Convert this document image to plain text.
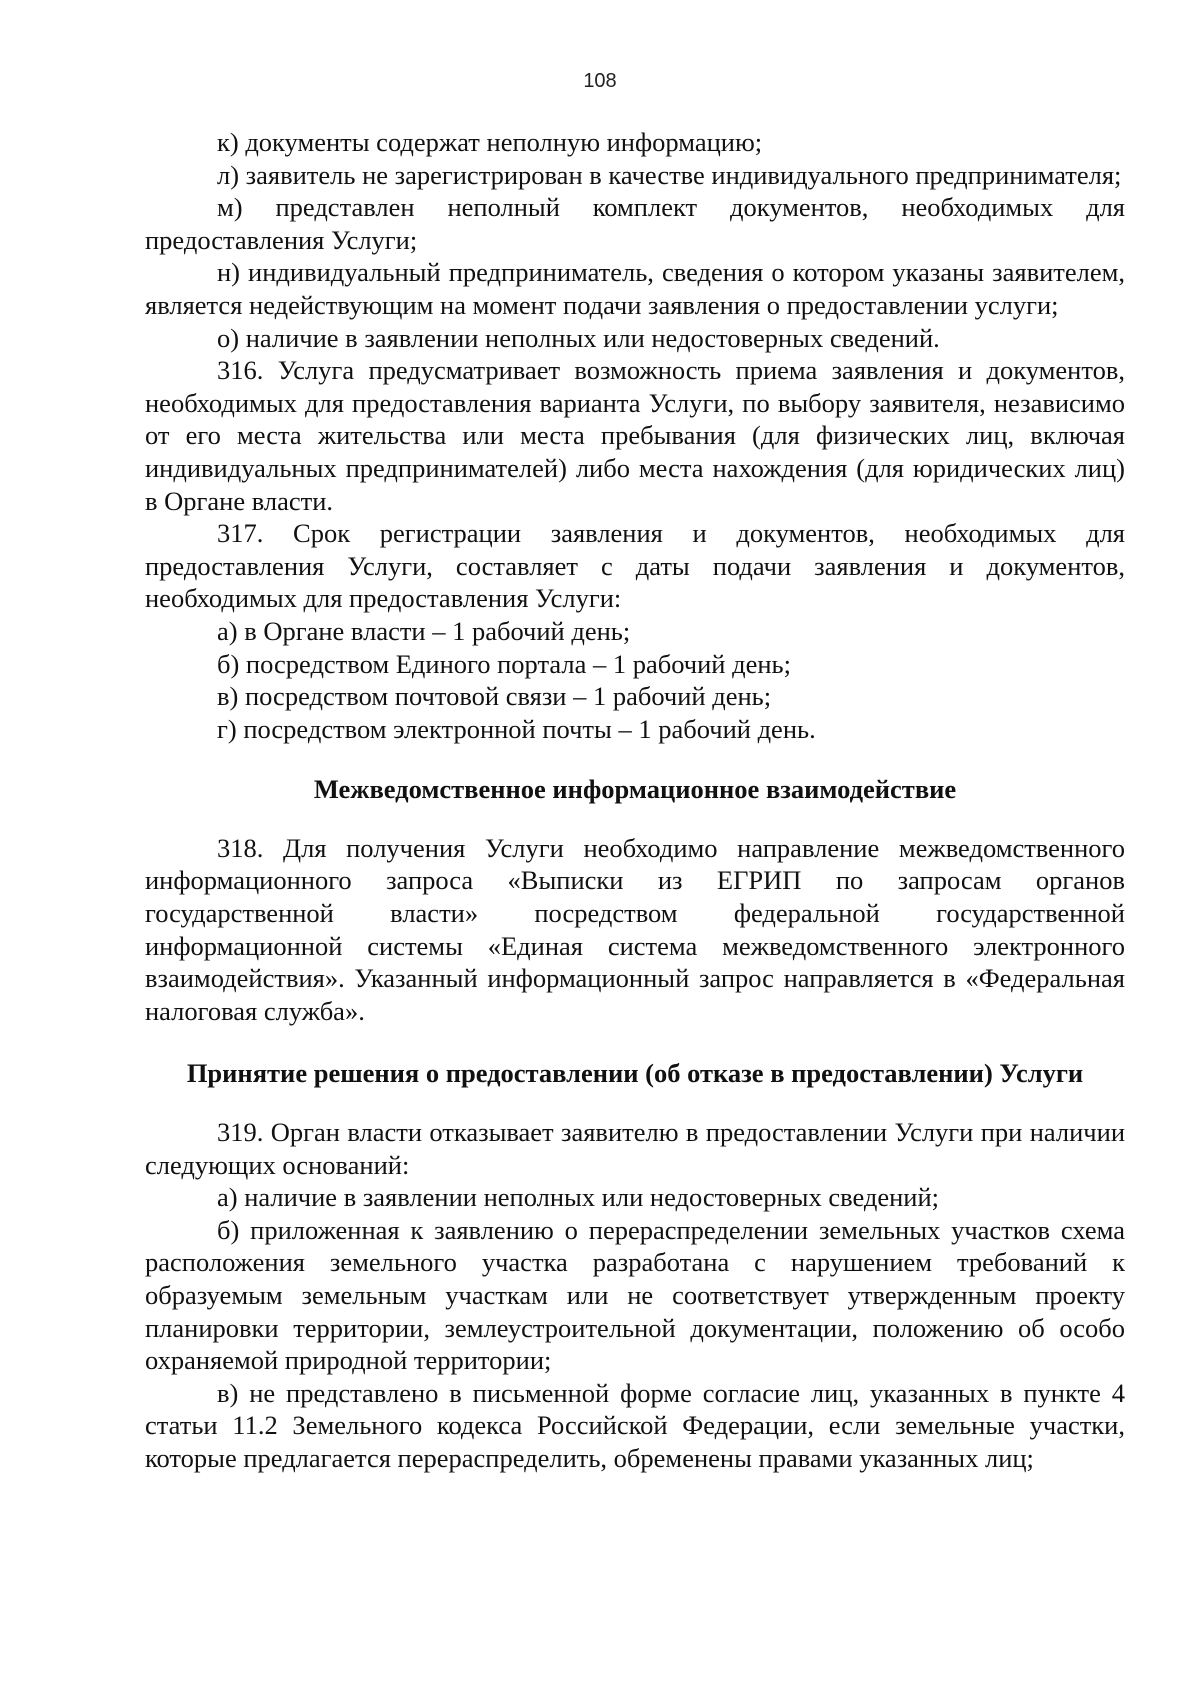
108

к) документы содержат неполную информацию;

л) заявитель не зарегистрирован в качестве индивидуального предпринимателя;

м) представлен неполный комплект документов, необходимых для предоставления Услуги;

н) индивидуальный предприниматель, сведения о котором указаны заявителем, является недействующим на момент подачи заявления о предоставлении услуги;

о) наличие в заявлении неполных или недостоверных сведений.

316. Услуга предусматривает возможность приема заявления и документов, необходимых для предоставления варианта Услуги, по выбору заявителя, независимо от его места жительства или места пребывания (для физических лиц, включая индивидуальных предпринимателей) либо места нахождения (для юридических лиц) в Органе власти.

317. Срок регистрации заявления и документов, необходимых для предоставления Услуги, составляет с даты подачи заявления и документов, необходимых для предоставления Услуги:

а) в Органе власти – 1 рабочий день;

б) посредством Единого портала – 1 рабочий день;

в) посредством почтовой связи – 1 рабочий день;

г) посредством электронной почты – 1 рабочий день.

Межведомственное информационное взаимодействие

318. Для получения Услуги необходимо направление межведомственного информационного запроса «Выписки из ЕГРИП по запросам органов государственной власти» посредством федеральной государственной информационной системы «Единая система межведомственного электронного взаимодействия». Указанный информационный запрос направляется в «Федеральная налоговая служба».

Принятие решения о предоставлении (об отказе в предоставлении) Услуги

319. Орган власти отказывает заявителю в предоставлении Услуги при наличии следующих оснований:

а) наличие в заявлении неполных или недостоверных сведений;

б) приложенная к заявлению о перераспределении земельных участков схема расположения земельного участка разработана с нарушением требований к образуемым земельным участкам или не соответствует утвержденным проекту планировки территории, землеустроительной документации, положению об особо охраняемой природной территории;

в) не представлено в письменной форме согласие лиц, указанных в пункте 4 статьи 11.2 Земельного кодекса Российской Федерации, если земельные участки, которые предлагается перераспределить, обременены правами указанных лиц;
